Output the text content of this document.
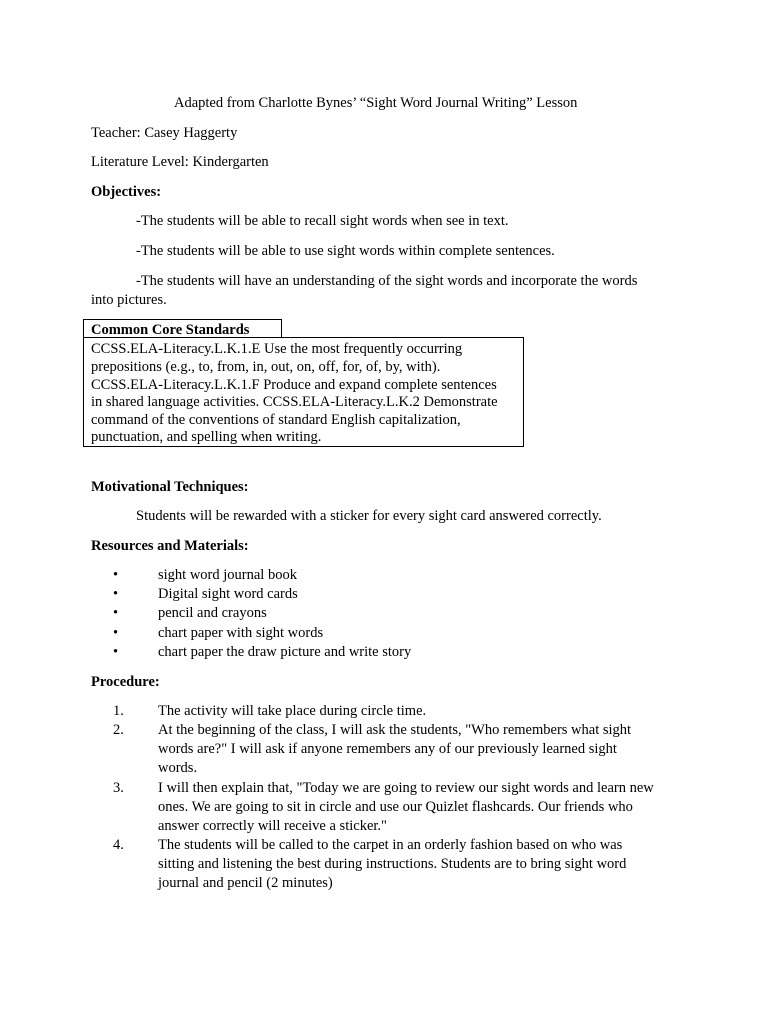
Adapted from Charlotte Bynes’ “Sight Word Journal Writing” Lesson
Teacher: Casey Haggerty
Literature Level: Kindergarten
Objectives:
-The students will be able to recall sight words when see in text.
-The students will be able to use sight words within complete sentences.
-The students will have an understanding of the sight words and incorporate the words
into pictures.
Common Core Standards
CCSS.ELA-Literacy.L.K.1.E Use the most frequently occurring
prepositions (e.g., to, from, in, out, on, off, for, of, by, with).
CCSS.ELA-Literacy.L.K.1.F Produce and expand complete sentences
in shared language activities. CCSS.ELA-Literacy.L.K.2 Demonstrate
command of the conventions of standard English capitalization,
punctuation, and spelling when writing.
Motivational Techniques:
Students will be rewarded with a sticker for every sight card answered correctly.
Resources and Materials:
•	sight word journal book
•	Digital sight word cards
•	pencil and crayons
•	chart paper with sight words
•	chart paper the draw picture and write story
Procedure:
1. The activity will take place during circle time.
2. At the beginning of the class, I will ask the students, "Who remembers what sight
words are?" I will ask if anyone remembers any of our previously learned sight
words.
3. I will then explain that, "Today we are going to review our sight words and learn new
ones. We are going to sit in circle and use our Quizlet flashcards. Our friends who
answer correctly will receive a sticker."
4. The students will be called to the carpet in an orderly fashion based on who was
sitting and listening the best during instructions. Students are to bring sight word
journal and pencil (2 minutes)
